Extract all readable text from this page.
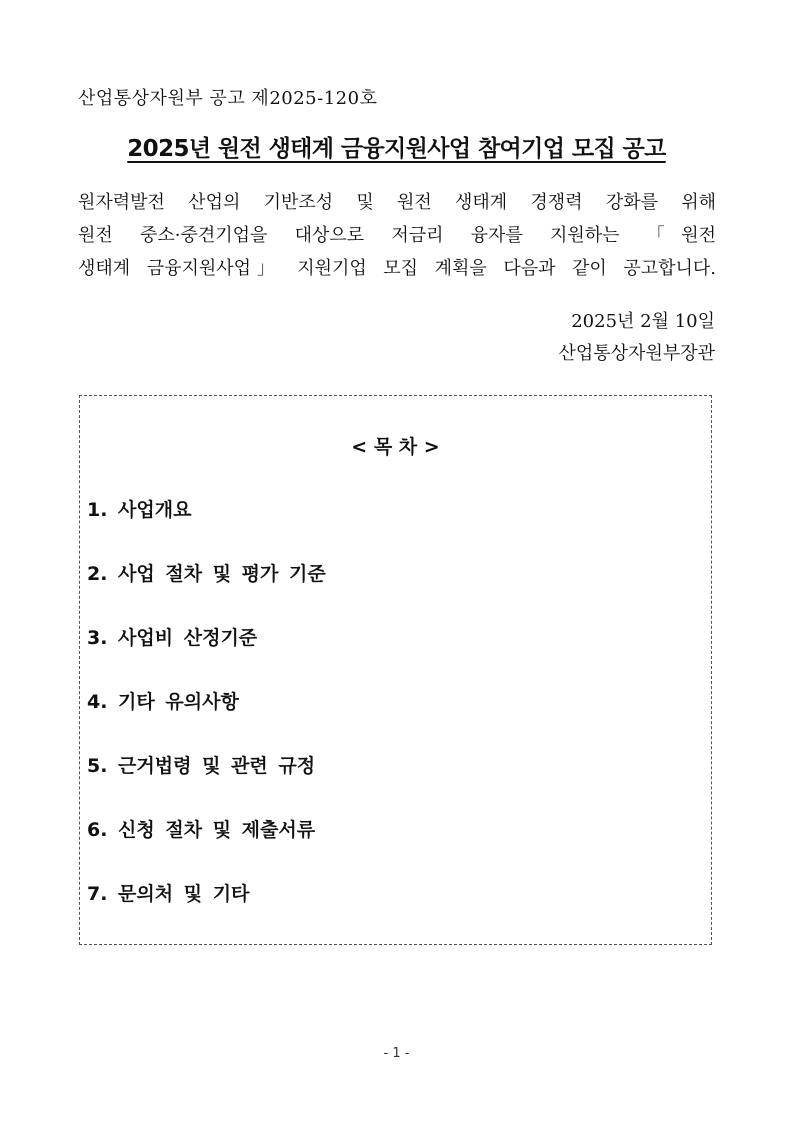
산업통상자원부 공고 제2025-120호
2025년 원전 생태계 금융지원사업 참여기업 모집 공고

원자력발전 산업의 기반조성 및 원전 생태계 경쟁력 강화를 위해
원전 중소·중견기업을 대상으로 저금리 융자를 지원하는 「원전
생태계 금융지원사업」 지원기업 모집 계획을 다음과 같이 공고합니다.

2025년 2월 10일
산업통상자원부장관
< 목 차 >
1. 사업개요
2. 사업 절차 및 평가 기준
3. 사업비 산정기준
4. 기타 유의사항
5. 근거법령 및 관련 규정
6. 신청 절차 및 제출서류
7. 문의처 및 기타
- 1 -
